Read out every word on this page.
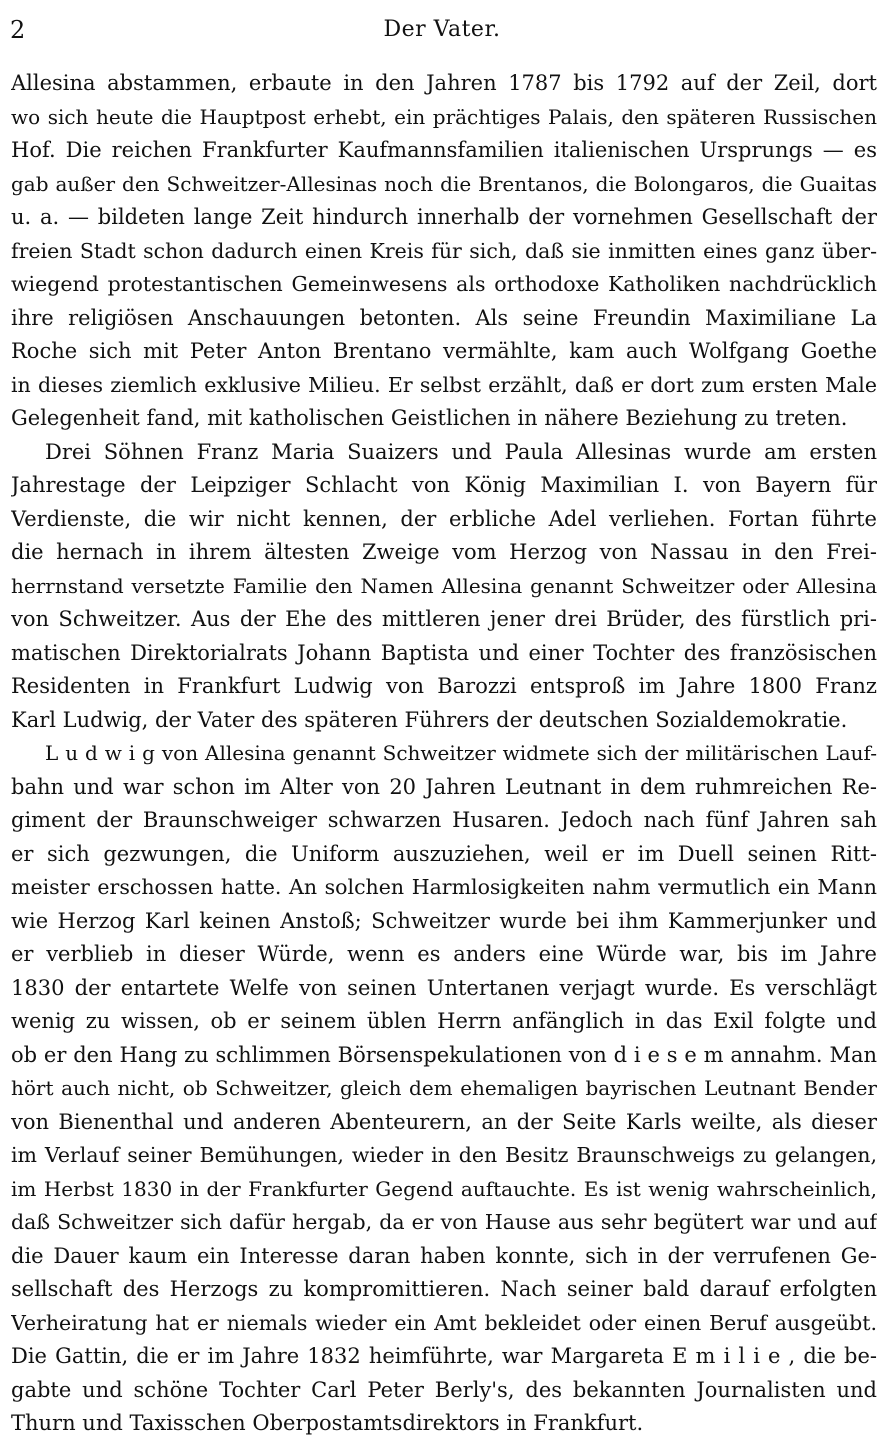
2	Der Vater.
Allesina abstammen, erbaute in den Jahren 1787 bis 1792 auf der Zeil, dort
wo sich heute die Hauptpost erhebt, ein prächtiges Palais, den späteren Russischen
Hof. Die reichen Frankfurter Kaufmannsfamilien italienischen Ursprungs — es
gab außer den Schweitzer-Allesinas noch die Brentanos, die Bolongaros, die Guaitas
u. a. — bildeten lange Zeit hindurch innerhalb der vornehmen Gesellschaft der
freien Stadt schon dadurch einen Kreis für sich, daß sie inmitten eines ganz über-
wiegend protestantischen Gemeinwesens als orthodoxe Katholiken nachdrücklich
ihre religiösen Anschauungen betonten. Als seine Freundin Maximiliane La
Roche sich mit Peter Anton Brentano vermählte, kam auch Wolfgang Goethe
in dieses ziemlich exklusive Milieu. Er selbst erzählt, daß er dort zum ersten Male
Gelegenheit fand, mit katholischen Geistlichen in nähere Beziehung zu treten.
Drei Söhnen Franz Maria Suaizers und Paula Allesinas wurde am ersten
Jahrestage der Leipziger Schlacht von König Maximilian I. von Bayern für
Verdienste, die wir nicht kennen, der erbliche Adel verliehen. Fortan führte
die hernach in ihrem ältesten Zweige vom Herzog von Nassau in den Frei-
herrnstand versetzte Familie den Namen Allesina genannt Schweitzer oder Allesina
von Schweitzer. Aus der Ehe des mittleren jener drei Brüder, des fürstlich pri-
matischen Direktorialrats Johann Baptista und einer Tochter des französischen
Residenten in Frankfurt Ludwig von Barozzi entsproß im Jahre 1800 Franz
Karl Ludwig, der Vater des späteren Führers der deutschen Sozialdemokratie.
L u d w i g von Allesina genannt Schweitzer widmete sich der militärischen Lauf-
bahn und war schon im Alter von 20 Jahren Leutnant in dem ruhmreichen Re-
giment der Braunschweiger schwarzen Husaren. Jedoch nach fünf Jahren sah
er sich gezwungen, die Uniform auszuziehen, weil er im Duell seinen Ritt-
meister erschossen hatte. An solchen Harmlosigkeiten nahm vermutlich ein Mann
wie Herzog Karl keinen Anstoß; Schweitzer wurde bei ihm Kammerjunker und
er verblieb in dieser Würde, wenn es anders eine Würde war, bis im Jahre
1830 der entartete Welfe von seinen Untertanen verjagt wurde. Es verschlägt
wenig zu wissen, ob er seinem üblen Herrn anfänglich in das Exil folgte und
ob er den Hang zu schlimmen Börsenspekulationen von d i e s e m annahm. Man
hört auch nicht, ob Schweitzer, gleich dem ehemaligen bayrischen Leutnant Bender
von Bienenthal und anderen Abenteurern, an der Seite Karls weilte, als dieser
im Verlauf seiner Bemühungen, wieder in den Besitz Braunschweigs zu gelangen,
im Herbst 1830 in der Frankfurter Gegend auftauchte. Es ist wenig wahrscheinlich,
daß Schweitzer sich dafür hergab, da er von Hause aus sehr begütert war und auf
die Dauer kaum ein Interesse daran haben konnte, sich in der verrufenen Ge-
sellschaft des Herzogs zu kompromittieren. Nach seiner bald darauf erfolgten
Verheiratung hat er niemals wieder ein Amt bekleidet oder einen Beruf ausgeübt.
Die Gattin, die er im Jahre 1832 heimführte, war Margareta E m i l i e , die be-
gabte und schöne Tochter Carl Peter Berly's, des bekannten Journalisten und
Thurn und Taxisschen Oberpostamtsdirektors in Frankfurt.
